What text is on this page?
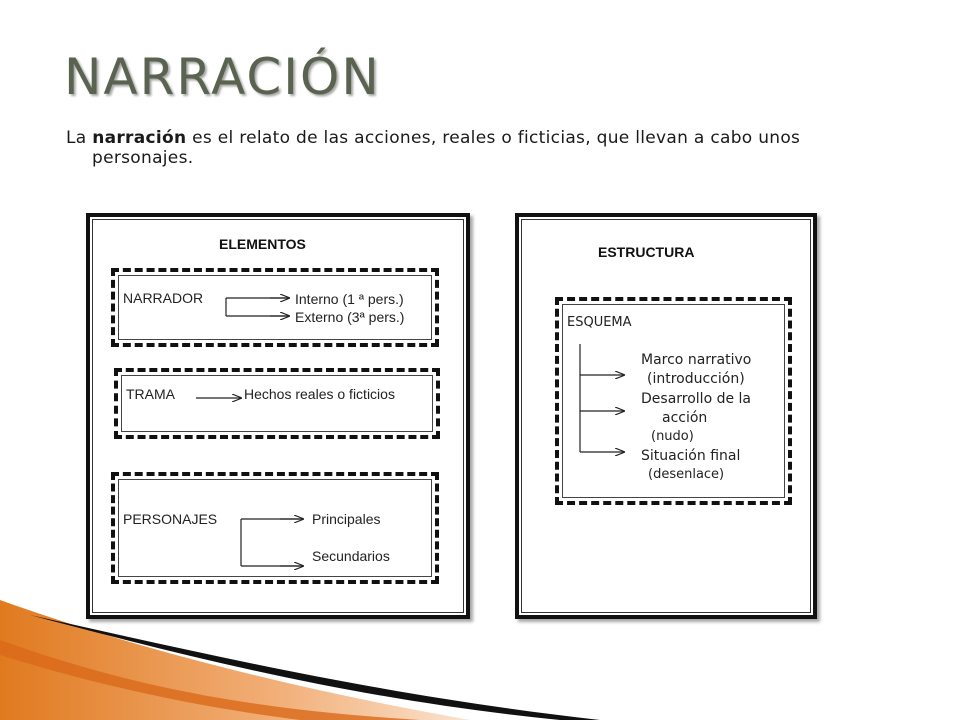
NARRACIÓN
La narración es el relato de las acciones, reales o ficticias, que llevan a cabo unos
personajes.
ELEMENTOS
NARRADOR	Interno (1 ª pers.)
Externo (3ª pers.)
TRAMA	Hechos reales o ficticios
PERSONAJES	Principales
Secundarios
ESTRUCTURA
ESQUEMA
Marco narrativo
(introducción)
Desarrollo de la
acción
(nudo)
Situación final
(desenlace)
